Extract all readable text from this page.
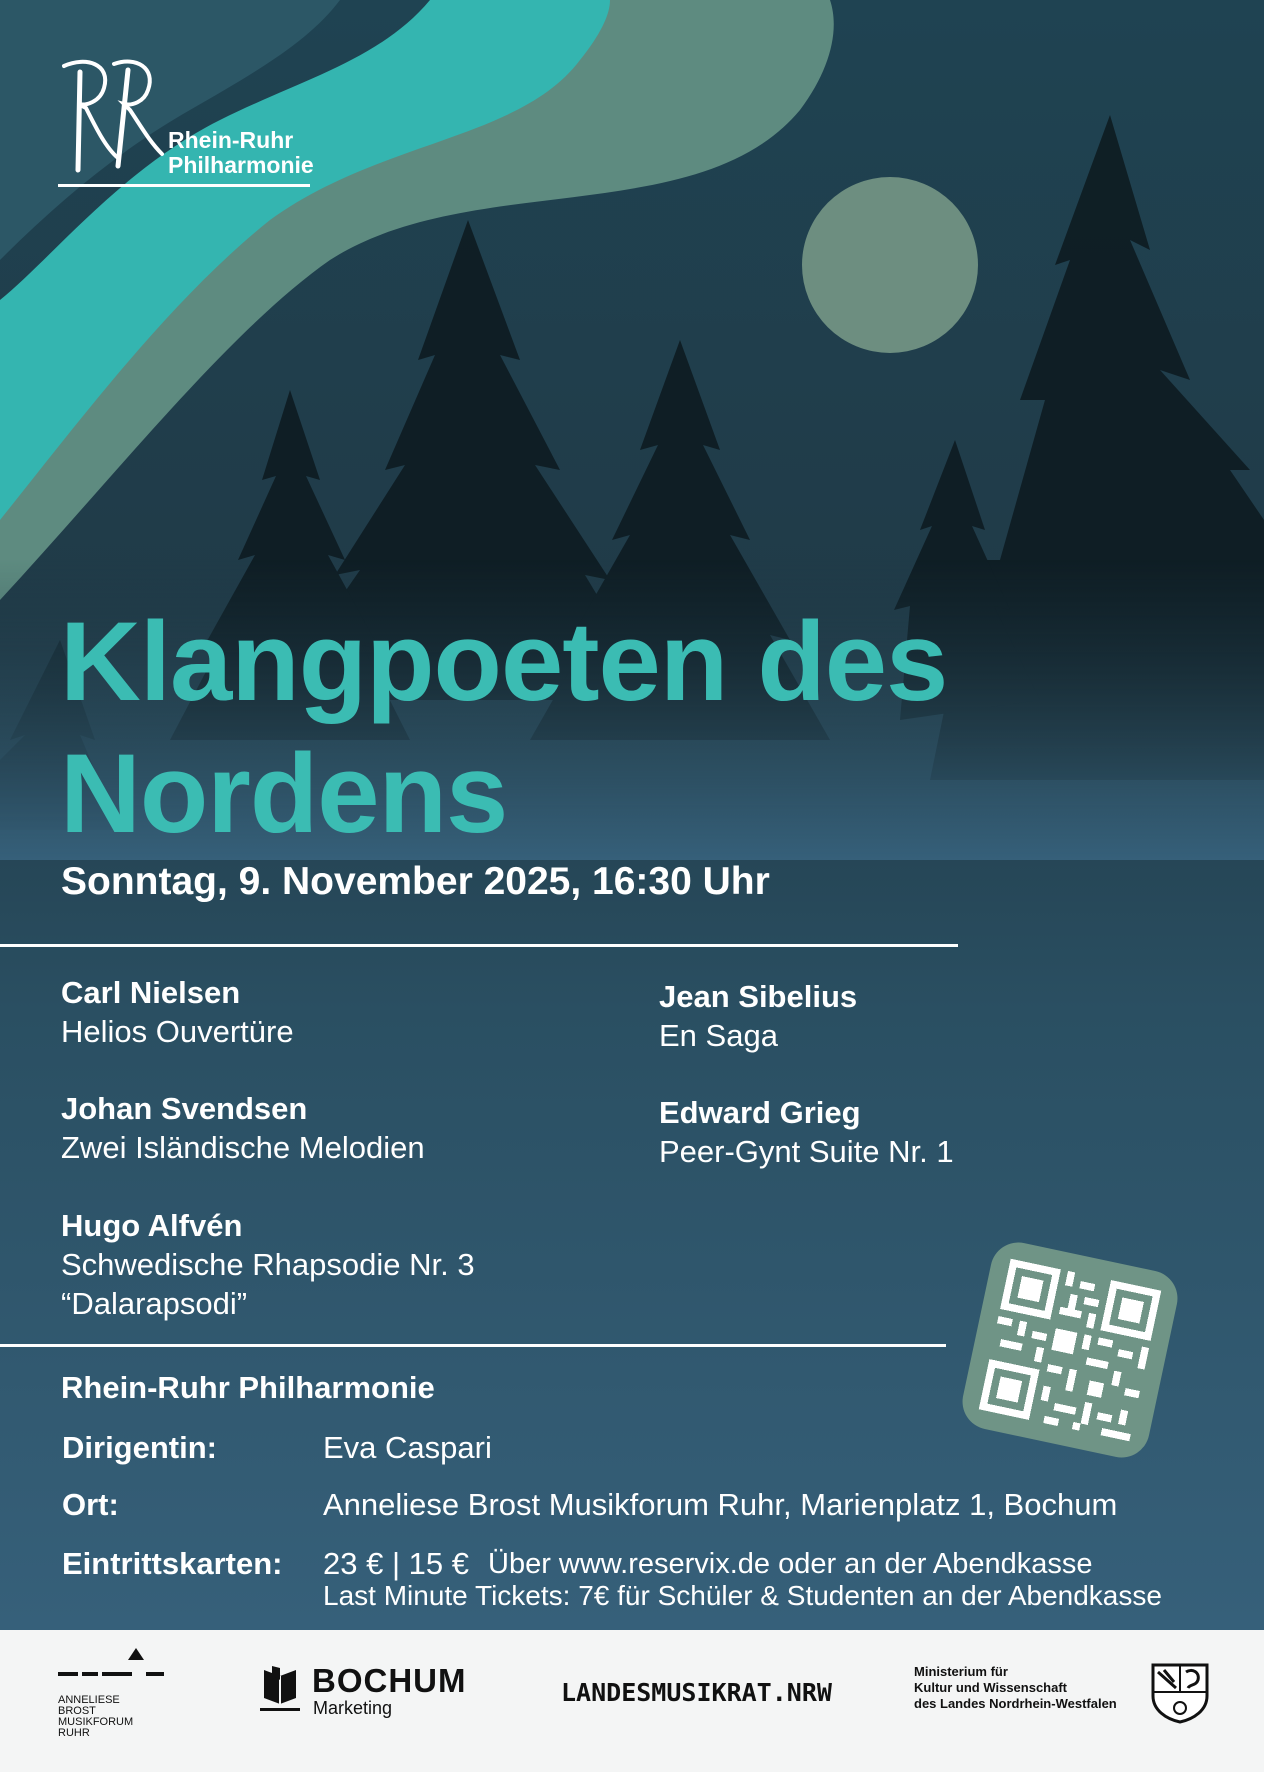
Rhein-Ruhr
Philharmonie
Klangpoeten des
Nordens
Sonntag, 9. November 2025, 16:30 Uhr
Carl Nielsen
Helios Ouvertüre
Johan Svendsen
Zwei Isländische Melodien
Hugo Alfvén
Schwedische Rhapsodie Nr. 3
“Dalarapsodi”
Jean Sibelius
En Saga
Edward Grieg
Peer-Gynt Suite Nr. 1
Rhein-Ruhr Philharmonie
Dirigentin:	Eva Caspari
Ort:	Anneliese Brost Musikforum Ruhr, Marienplatz 1, Bochum
Eintrittskarten: 23 € | 15 € Über www.reservix.de oder an der Abendkasse
Last Minute Tickets: 7€ für Schüler & Studenten an der Abendkasse
ANNELIESE
BROST
MUSIKFORUM
RUHR
BOCHUM
Marketing
LANDESMUSIKRAT.NRW
Ministerium für
Kultur und Wissenschaft
des Landes Nordrhein-Westfalen
